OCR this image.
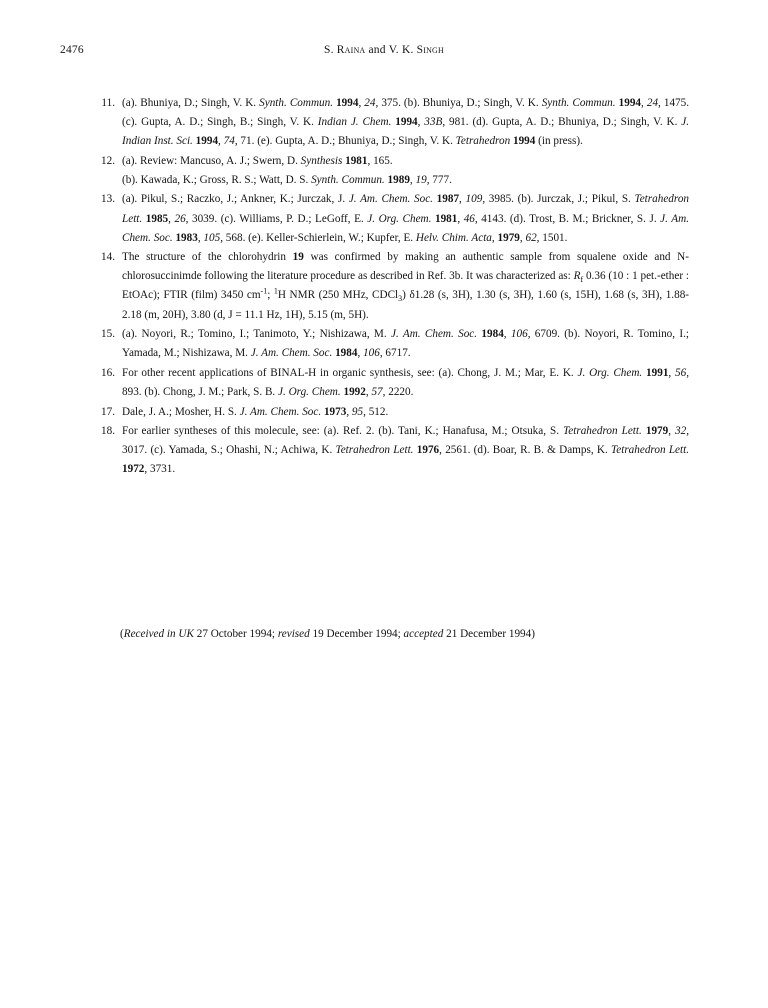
2476	S. Raina and V. K. Singh
11. (a). Bhuniya, D.; Singh, V. K. Synth. Commun. 1994, 24, 375. (b). Bhuniya, D.; Singh, V. K. Synth. Commun. 1994, 24, 1475. (c). Gupta, A. D.; Singh, B.; Singh, V. K. Indian J. Chem. 1994, 33B, 981. (d). Gupta, A. D.; Bhuniya, D.; Singh, V. K. J. Indian Inst. Sci. 1994, 74, 71. (e). Gupta, A. D.; Bhuniya, D.; Singh, V. K. Tetrahedron 1994 (in press).
12. (a). Review: Mancuso, A. J.; Swern, D. Synthesis 1981, 165.
(b). Kawada, K.; Gross, R. S.; Watt, D. S. Synth. Commun. 1989, 19, 777.
13. (a). Pikul, S.; Raczko, J.; Ankner, K.; Jurczak, J. J. Am. Chem. Soc. 1987, 109, 3985. (b). Jurczak, J.; Pikul, S. Tetrahedron Lett. 1985, 26, 3039. (c). Williams, P. D.; LeGoff, E. J. Org. Chem. 1981, 46, 4143. (d). Trost, B. M.; Brickner, S. J. J. Am. Chem. Soc. 1983, 105, 568. (e). Keller-Schierlein, W.; Kupfer, E. Helv. Chim. Acta, 1979, 62, 1501.
14. The structure of the chlorohydrin 19 was confirmed by making an authentic sample from squalene oxide and N-chlorosuccinimde following the literature procedure as described in Ref. 3b. It was characterized as: $R_f$ 0.36 (10 : 1 pet.-ether : EtOAc); FTIR (film) 3450 $cm^{-1}$; $^1$H NMR (250 MHz, CDCl$_3$) δ1.28 (s, 3H), 1.30 (s, 3H), 1.60 (s, 15H), 1.68 (s, 3H), 1.88-2.18 (m, 20H), 3.80 (d, J = 11.1 Hz, 1H), 5.15 (m, 5H).
15. (a). Noyori, R.; Tomino, I.; Tanimoto, Y.; Nishizawa, M. J. Am. Chem. Soc. 1984, 106, 6709. (b). Noyori, R. Tomino, I.; Yamada, M.; Nishizawa, M. J. Am. Chem. Soc. 1984, 106, 6717.
16. For other recent applications of BINAL-H in organic synthesis, see: (a). Chong, J. M.; Mar, E. K. J. Org. Chem. 1991, 56, 893. (b). Chong, J. M.; Park, S. B. J. Org. Chem. 1992, 57, 2220.
17. Dale, J. A.; Mosher, H. S. J. Am. Chem. Soc. 1973, 95, 512.
18. For earlier syntheses of this molecule, see: (a). Ref. 2. (b). Tani, K.; Hanafusa, M.; Otsuka, S. Tetrahedron Lett. 1979, 32, 3017. (c). Yamada, S.; Ohashi, N.; Achiwa, K. Tetrahedron Lett. 1976, 2561. (d). Boar, R. B. & Damps, K. Tetrahedron Lett. 1972, 3731.
(Received in UK 27 October 1994; revised 19 December 1994; accepted 21 December 1994)
